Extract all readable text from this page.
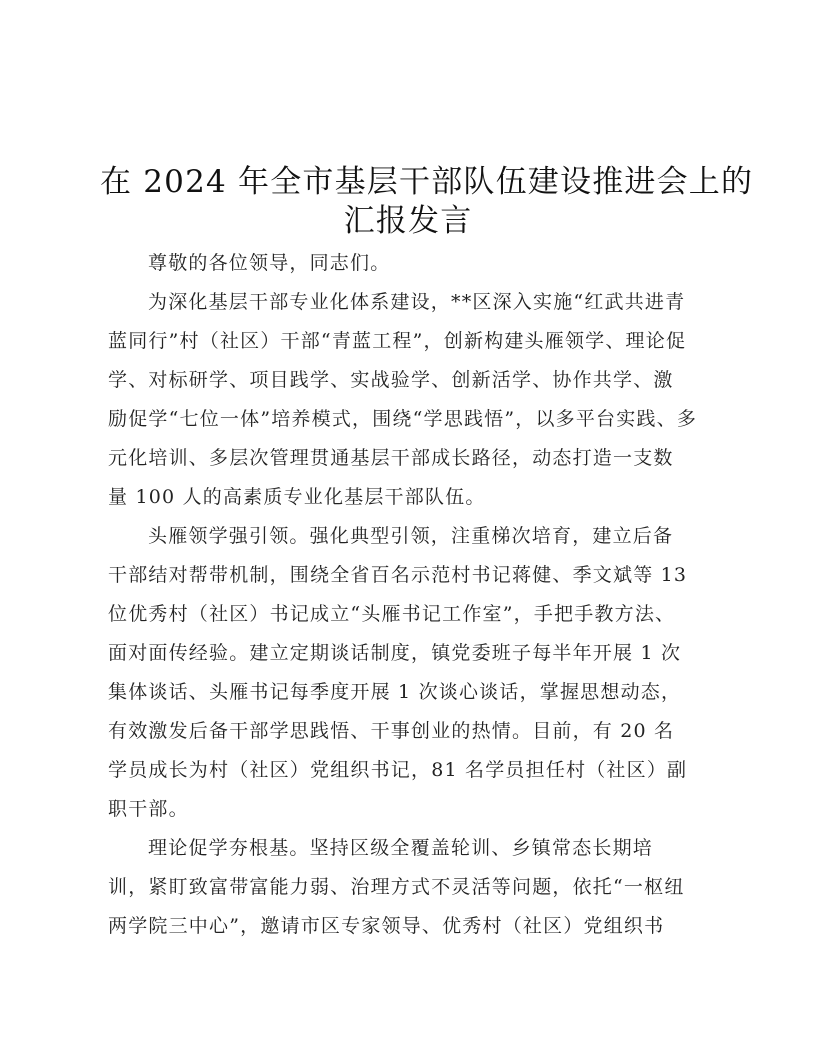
在 2024 年全市基层干部队伍建设推进会上的
汇报发言
尊敬的各位领导，同志们。
为深化基层干部专业化体系建设，**区深入实施“红武共进青
蓝同行”村（社区）干部“青蓝工程”，创新构建头雁领学、理论促
学、对标研学、项目践学、实战验学、创新活学、协作共学、激
励促学“七位一体”培养模式，围绕“学思践悟”，以多平台实践、多
元化培训、多层次管理贯通基层干部成长路径，动态打造一支数
量 100 人的高素质专业化基层干部队伍。
头雁领学强引领。强化典型引领，注重梯次培育，建立后备
干部结对帮带机制，围绕全省百名示范村书记蒋健、季文斌等 13
位优秀村（社区）书记成立“头雁书记工作室”，手把手教方法、
面对面传经验。建立定期谈话制度，镇党委班子每半年开展 1 次
集体谈话、头雁书记每季度开展 1 次谈心谈话，掌握思想动态，
有效激发后备干部学思践悟、干事创业的热情。目前，有 20 名
学员成长为村（社区）党组织书记，81 名学员担任村（社区）副
职干部。
理论促学夯根基。坚持区级全覆盖轮训、乡镇常态长期培
训，紧盯致富带富能力弱、治理方式不灵活等问题，依托“一枢纽
两学院三中心”，邀请市区专家领导、优秀村（社区）党组织书
